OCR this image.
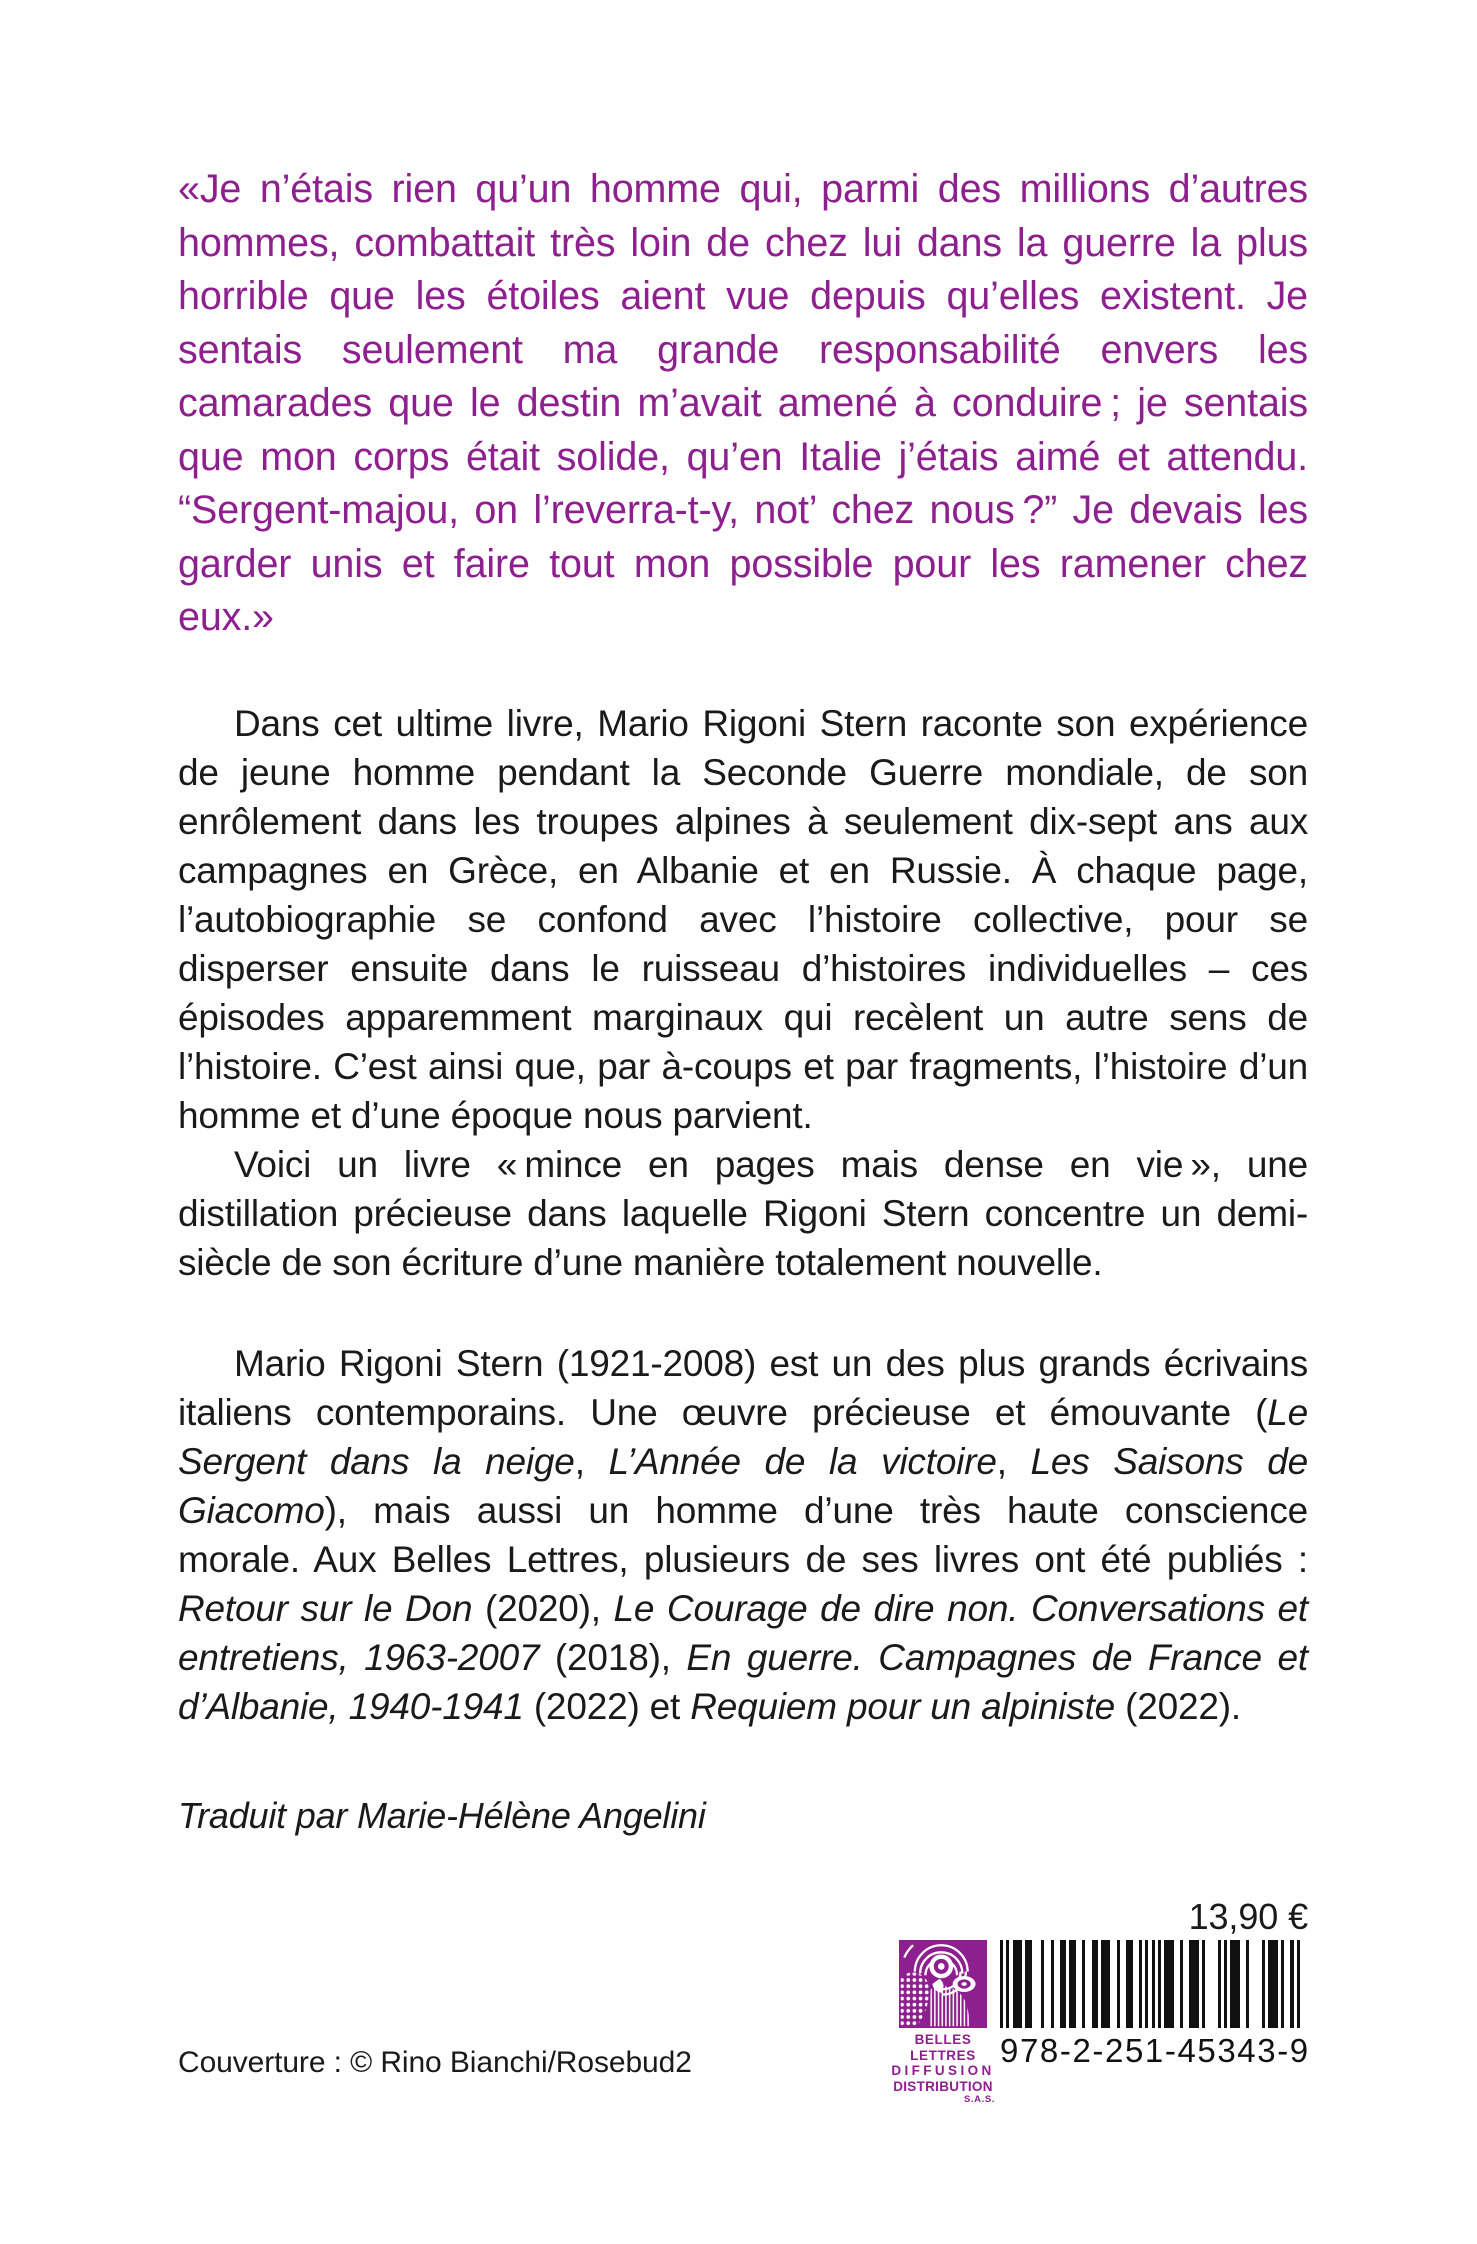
«Je n’étais rien qu’un homme qui, parmi des millions d’autres hommes, combattait très loin de chez lui dans la guerre la plus horrible que les étoiles aient vue depuis qu’elles existent. Je sentais seulement ma grande responsabilité envers les camarades que le destin m’avait amené à conduire ; je sentais que mon corps était solide, qu’en Italie j’étais aimé et attendu. “Sergent-majou, on l’reverra-t-y, not’ chez nous ?” Je devais les garder unis et faire tout mon possible pour les ramener chez eux.»

Dans cet ultime livre, Mario Rigoni Stern raconte son expérience de jeune homme pendant la Seconde Guerre mondiale, de son enrôlement dans les troupes alpines à seulement dix-sept ans aux campagnes en Grèce, en Albanie et en Russie. À chaque page, l’autobiographie se confond avec l’histoire collective, pour se disperser ensuite dans le ruisseau d’histoires individuelles – ces épisodes apparemment marginaux qui recèlent un autre sens de l’histoire. C’est ainsi que, par à-coups et par fragments, l’histoire d’un homme et d’une époque nous parvient.

Voici un livre « mince en pages mais dense en vie », une distillation précieuse dans laquelle Rigoni Stern concentre un demi-siècle de son écriture d’une manière totalement nouvelle.

Mario Rigoni Stern (1921-2008) est un des plus grands écrivains italiens contemporains. Une œuvre précieuse et émouvante (Le Sergent dans la neige, L’Année de la victoire, Les Saisons de Giacomo), mais aussi un homme d’une très haute conscience morale. Aux Belles Lettres, plusieurs de ses livres ont été publiés : Retour sur le Don (2020), Le Courage de dire non. Conversations et entretiens, 1963-2007 (2018), En guerre. Campagnes de France et d’Albanie, 1940-1941 (2022) et Requiem pour un alpiniste (2022).

Traduit par Marie-Hélène Angelini

13,90 €

Couverture : © Rino Bianchi/Rosebud2
BELLES LETTRES
DIFFUSION
DISTRIBUTION
S.A.S.
978-2-251-45343-9
